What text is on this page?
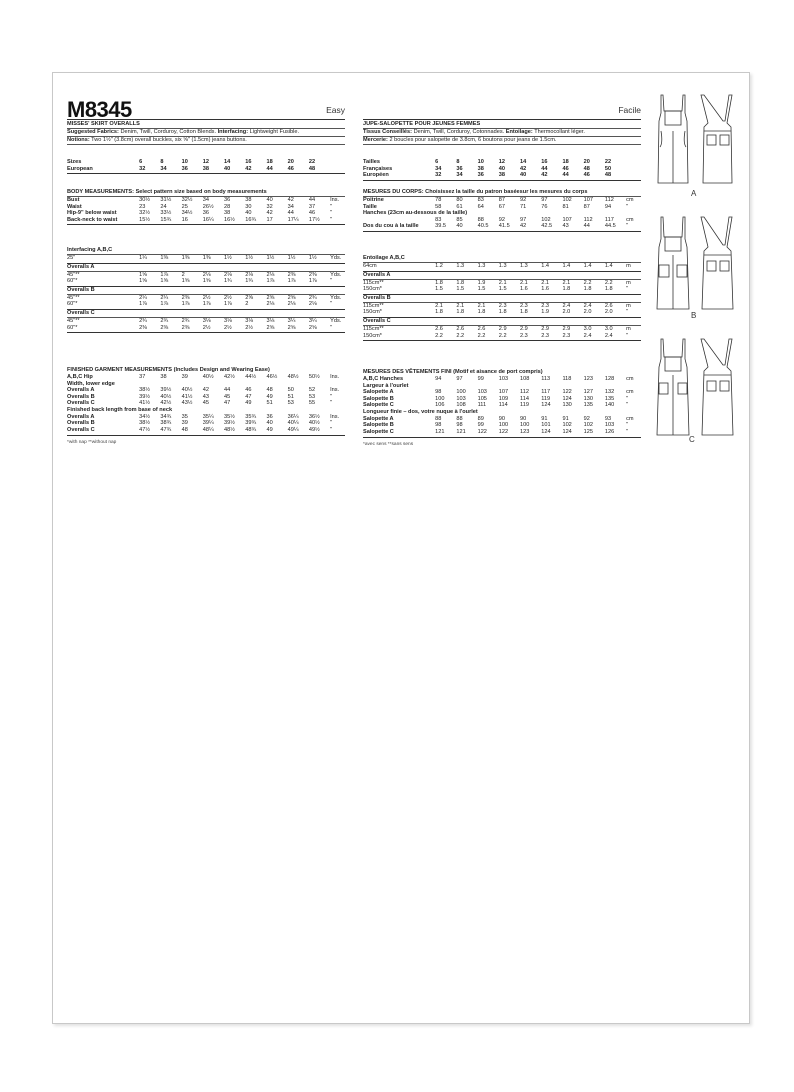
M8345	Easy
MISSES' SKIRT OVERALLS
Suggested Fabrics: Denim, Twill, Corduroy, Cotton Blends. Interfacing: Lightweight Fusible.
Notions: Two 1½" (3.8cm) overall buckles, six ⅝" (1.5cm) jeans buttons.
Sizes	6	8	10	12	14	16	18	20	22	
European	32	34	36	38	40	42	44	46	48	
BODY MEASUREMENTS: Select pattern size based on body measurements
Bust	30½	31½	32½	34	36	38	40	42	44	Ins.
Waist	23	24	25	26½	28	30	32	34	37	"
Hip-9" below waist	32½	33½	34½	36	38	40	42	44	46	"
Back-neck to waist	15½	15¾	16	16¼	16½	16¾	17	17¼	17½	"
Interfacing A,B,C
25"	1¼	1⅜	1⅜	1⅜	1½	1½	1½	1½	1½	Yds.
Overalls A
45"**	1⅝	1⅞	2	2⅛	2⅛	2⅛	2⅛	2⅜	2⅜	Yds.
60"*	1⅝	1⅝	1⅝	1⅝	1¾	1¾	1⅞	1⅞	1⅞	"
Overalls B
45"**	2¼	2¼	2⅜	2½	2½	2⅝	2⅝	2⅝	2¾	Yds.
60"*	1⅞	1⅞	1⅞	1⅞	1⅞	2	2⅛	2⅛	2⅛	"
Overalls C
45"**	2¾	2¾	2¾	3⅛	3⅛	3⅛	3⅛	3¼	3¼	Yds.
60"*	2⅜	2⅜	2⅜	2½	2½	2½	2⅝	2⅝	2⅝	"
FINISHED GARMENT MEASUREMENTS (Includes Design and Wearing Ease)
A,B,C Hip	37	38	39	40½	42½	44½	46½	48½	50½	Ins.
Width, lower edge										
Overalls A	38½	39½	40½	42	44	46	48	50	52	Ins.
Overalls B	39½	40½	41½	43	45	47	49	51	53	"
Overalls C	41½	42½	43½	45	47	49	51	53	55	"
Finished back length from base of neck										
Overalls A	34½	34¾	35	35¼	35½	35¾	36	36¼	36½	Ins.
Overalls B	38½	38¾	39	39¼	39½	39¾	40	40¼	40½	"
Overalls C	47½	47¾	48	48¼	48½	48¾	49	49¼	49½	"
*with nap **without nap
Facile
JUPE-SALOPETTE POUR JEUNES FEMMES
Tissus Conseillés: Denim, Twill, Corduroy, Cotonnades. Entoilage: Thermocollant léger.
Mercerie: 2 boucles pour salopette de 3.8cm, 6 boutons pour jeans de 1.5cm.
Tailles	6	8	10	12	14	16	18	20	22	
Françaises	34	36	38	40	42	44	46	48	50	
Européen	32	34	36	38	40	42	44	46	48	
MESURES DU CORPS: Choisissez la taille du patron baséesur les mesures du corps
Poitrine	78	80	83	87	92	97	102	107	112	cm
Taille	58	61	64	67	71	76	81	87	94	"
Hanches (23cm au-dessous de la taille)										
	83	85	88	92	97	102	107	112	117	cm
Dos du cou à la taille	39.5	40	40.5	41.5	42	42.5	43	44	44.5	"
Entoilage A,B,C
64cm	1.2	1.3	1.3	1.3	1.3	1.4	1.4	1.4	1.4	m
Overalls A
115cm**	1.8	1.8	1.9	2.1	2.1	2.1	2.1	2.2	2.2	m
150cm*	1.5	1.5	1.5	1.5	1.6	1.6	1.8	1.8	1.8	"
Overalls B
115cm**	2.1	2.1	2.1	2.3	2.3	2.3	2.4	2.4	2.6	m
150cm*	1.8	1.8	1.8	1.8	1.8	1.9	2.0	2.0	2.0	"
Overalls C
115cm**	2.6	2.6	2.6	2.9	2.9	2.9	2.9	3.0	3.0	m
150cm*	2.2	2.2	2.2	2.2	2.3	2.3	2.3	2.4	2.4	"
MESURES DES VÊTEMENTS FINI (Motif et aisance de port compris)
A,B,C Hanches	94	97	99	103	108	113	118	123	128	cm
Largeur à l'ourlet										
Salopette A	98	100	103	107	112	117	122	127	132	cm
Salopette B	100	103	105	109	114	119	124	130	135	"
Salopette C	106	108	111	114	119	124	130	135	140	"
Longueur finie – dos, votre nuque à l'ourlet										
Salopette A	88	88	89	90	90	91	91	92	93	cm
Salopette B	98	98	99	100	100	101	102	102	103	"
Salopette C	121	121	122	122	123	124	124	125	126	"
*avec sens **sans sens
A
B
C
